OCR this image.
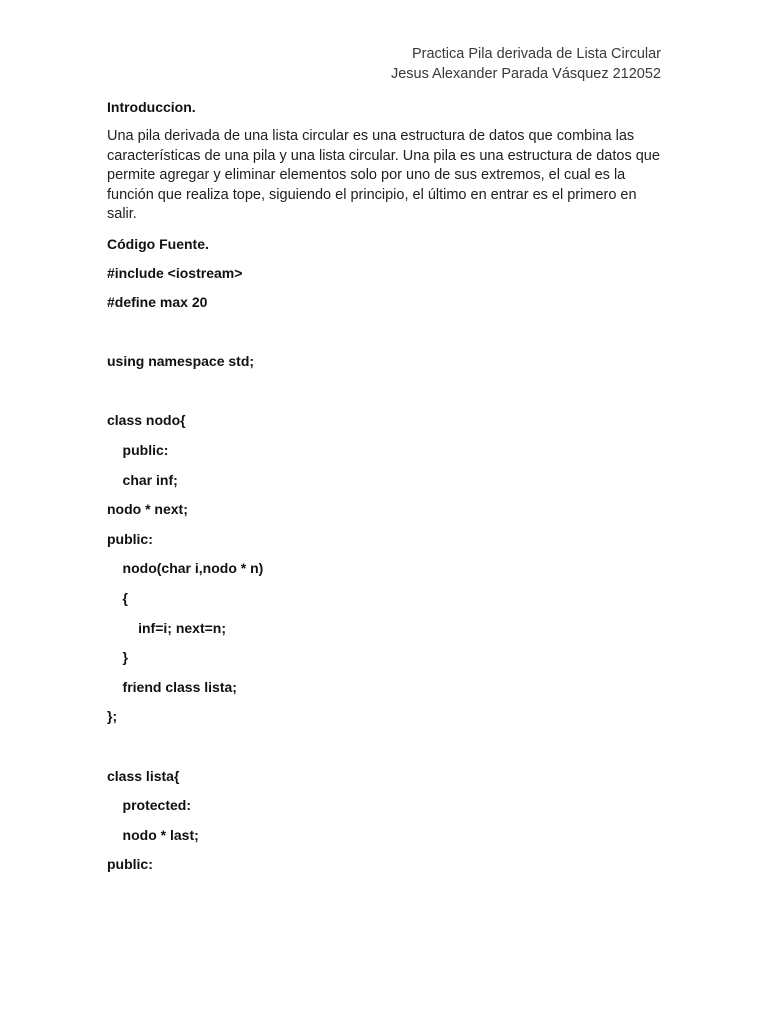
Practica Pila derivada de Lista Circular
Jesus Alexander Parada Vásquez 212052

Introduccion.

Una pila derivada de una lista circular es una estructura de datos que combina las características de una pila y una lista circular. Una pila es una estructura de datos que permite agregar y eliminar elementos solo por uno de sus extremos, el cual es la función que realiza tope, siguiendo el principio, el último en entrar es el primero en salir.

Código Fuente.

#include <iostream>
#define max 20
using namespace std;
class nodo{
public:
char inf;
nodo * next;
public:
nodo(char i,nodo * n)
{
inf=i; next=n;
}
friend class lista;
};
class lista{
protected:
nodo * last;
public:
